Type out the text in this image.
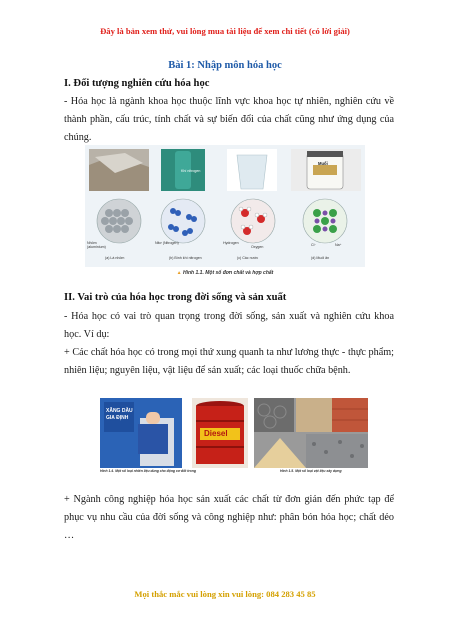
Đây là bản xem thử, vui lòng mua tài liệu để xem chi tiết (có lời giải)
Bài 1: Nhập môn hóa học
I. Đối tượng nghiên cứu hóa học
- Hóa học là ngành khoa học thuộc lĩnh vực khoa học tự nhiên, nghiên cứu về thành phần, cấu trúc, tính chất và sự biến đổi của chất cũng như ứng dụng của chúng.
Khí nitrogen
Muối
Nhôm (aluminium)
Nitơ (Nitrogen)	Hydrogen
Oxygen	Cl⁻	Na⁺
(a) Lá nhôm	(b) Bình khí nitrogen	(c) Các nước	(d) Muối ăn
▲ Hình 1.1. Một số đơn chất và hợp chất
II. Vai trò của hóa học trong đời sống và sản xuất
- Hóa học có vai trò quan trọng trong đời sống, sản xuất và nghiên cứu khoa học. Ví dụ:
+ Các chất hóa học có trong mọi thứ xung quanh ta như lương thực - thực phẩm; nhiên liệu; nguyên liệu, vật liệu để sản xuất; các loại thuốc chữa bệnh.
XĂNG DẦU GIA ĐỊNH
Diesel
Hình 1.4. Một số loại nhiên liệu dùng cho động cơ đốt trong	Hình 1.5. Một số loại vật liệu xây dựng
+ Ngành công nghiệp hóa học sản xuất các chất từ đơn giản đến phức tạp để phục vụ nhu cầu của đời sống và công nghiệp như: phân bón hóa học; chất dẻo …
Mọi thắc mắc vui lòng xin vui lòng: 084 283 45 85
